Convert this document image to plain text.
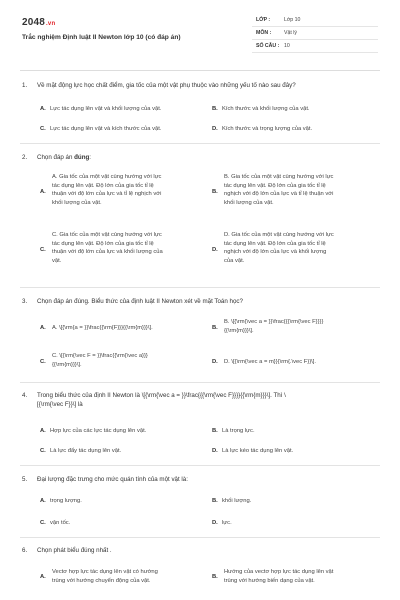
2048.vn
Trắc nghiệm Định luật II Newton lớp 10 (có đáp án)
LỚP :	Lớp 10
MÔN : Vật lý
SỐ CÂU : 10
1. Về mặt động lực học chất điểm, gia tốc của một vật phụ thuộc vào những yếu tố nào sau đây?
A. Lực tác dụng lên vật và khối lượng của vật.	B. Kích thước và khối lượng của vật.
C. Lực tác dụng lên vật và kích thước của vật.	D. Kích thước và trọng lượng của vật.
2. Chọn đáp án đúng:
A.
A. Gia tốc của một vật cùng hướng với lực
tác dụng lên vật. Độ lớn của gia tốc tỉ lệ
thuận với độ lớn của lực và tỉ lệ nghịch với
khối lượng của vật.
B.
B. Gia tốc của một vật cùng hướng với lực
tác dụng lên vật. Độ lớn của gia tốc tỉ lệ
nghịch với độ lớn của lực và tỉ lệ thuận với
khối lượng của vật.
C.
C. Gia tốc của một vật cùng hướng với lực
tác dụng lên vật. Độ lớn của gia tốc tỉ lệ
thuận với độ lớn của lực và khối lượng của
vật.
D.
D. Gia tốc của một vật cùng hướng với lực
tác dụng lên vật. Độ lớn của gia tốc tỉ lệ
nghịch với độ lớn của lực và khối lượng
của vật.
3. Chọn đáp án đúng. Biểu thức của định luật II Newton xét về mặt Toán học?
A. A. \[{\rm{a = }}\frac{{\rm{F}}}{{\rm{m}}}\].	B.
B. \[{\rm{\vec a = }}\frac{{{\rm{\vec F}}}}
{{\rm{m}}}\].
C.
C. \[{\rm{\vec F = }}\frac{{\rm{\vec a}}}
{{\rm{m}}}\].	D. D. \[{\rm{\vec a = m}}{\rm{.\vec F}}\].
4. Trong biểu thức của định II Newton là \[{\rm{\vec a = }}\frac{{{\rm{\vec F}}}}{{\rm{m}}}\]. Thì \
[{\rm{\vec F}}\] là
A. Hợp lực của các lực tác dụng lên vật.	B. Là trọng lực.
C. Là lực đẩy tác dụng lên vật.	D. Là lực kéo tác dụng lên vật.
5. Đại lượng đặc trưng cho mức quán tính của một vật là:
A. trọng lượng.	B. khối lượng.
C. vận tốc.	D. lực.
6. Chọn phát biểu đúng nhất .
A.
Vectơ hợp lực tác dụng lên vật có hướng
trùng với hướng chuyển động của vật.
B.
Hướng của vectơ hợp lực tác dụng lên vật
trùng với hướng biến dạng của vật.
